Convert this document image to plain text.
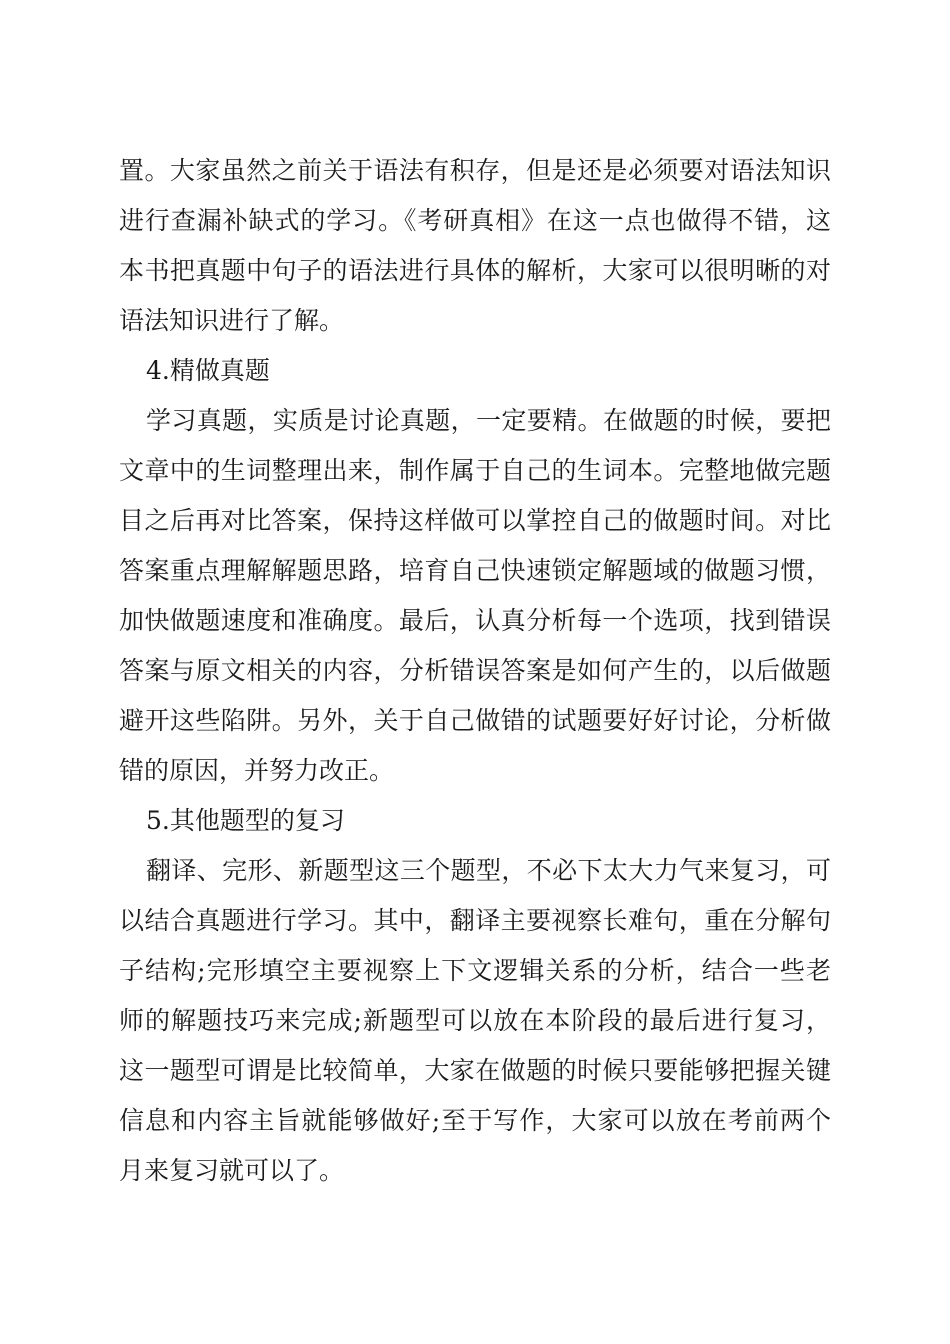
置。大家虽然之前关于语法有积存，但是还是必须要对语法知识
进行查漏补缺式的学习。《考研真相》在这一点也做得不错，这
本书把真题中句子的语法进行具体的解析，大家可以很明晰的对
语法知识进行了解。
4.精做真题
学习真题，实质是讨论真题，一定要精。在做题的时候，要把
文章中的生词整理出来，制作属于自己的生词本。完整地做完题
目之后再对比答案，保持这样做可以掌控自己的做题时间。对比
答案重点理解解题思路，培育自己快速锁定解题域的做题习惯，
加快做题速度和准确度。最后，认真分析每一个选项，找到错误
答案与原文相关的内容，分析错误答案是如何产生的，以后做题
避开这些陷阱。另外，关于自己做错的试题要好好讨论，分析做
错的原因，并努力改正。
5.其他题型的复习
翻译、完形、新题型这三个题型，不必下太大力气来复习，可
以结合真题进行学习。其中，翻译主要视察长难句，重在分解句
子结构;完形填空主要视察上下文逻辑关系的分析，结合一些老
师的解题技巧来完成;新题型可以放在本阶段的最后进行复习，
这一题型可谓是比较简单，大家在做题的时候只要能够把握关键
信息和内容主旨就能够做好;至于写作，大家可以放在考前两个
月来复习就可以了。
